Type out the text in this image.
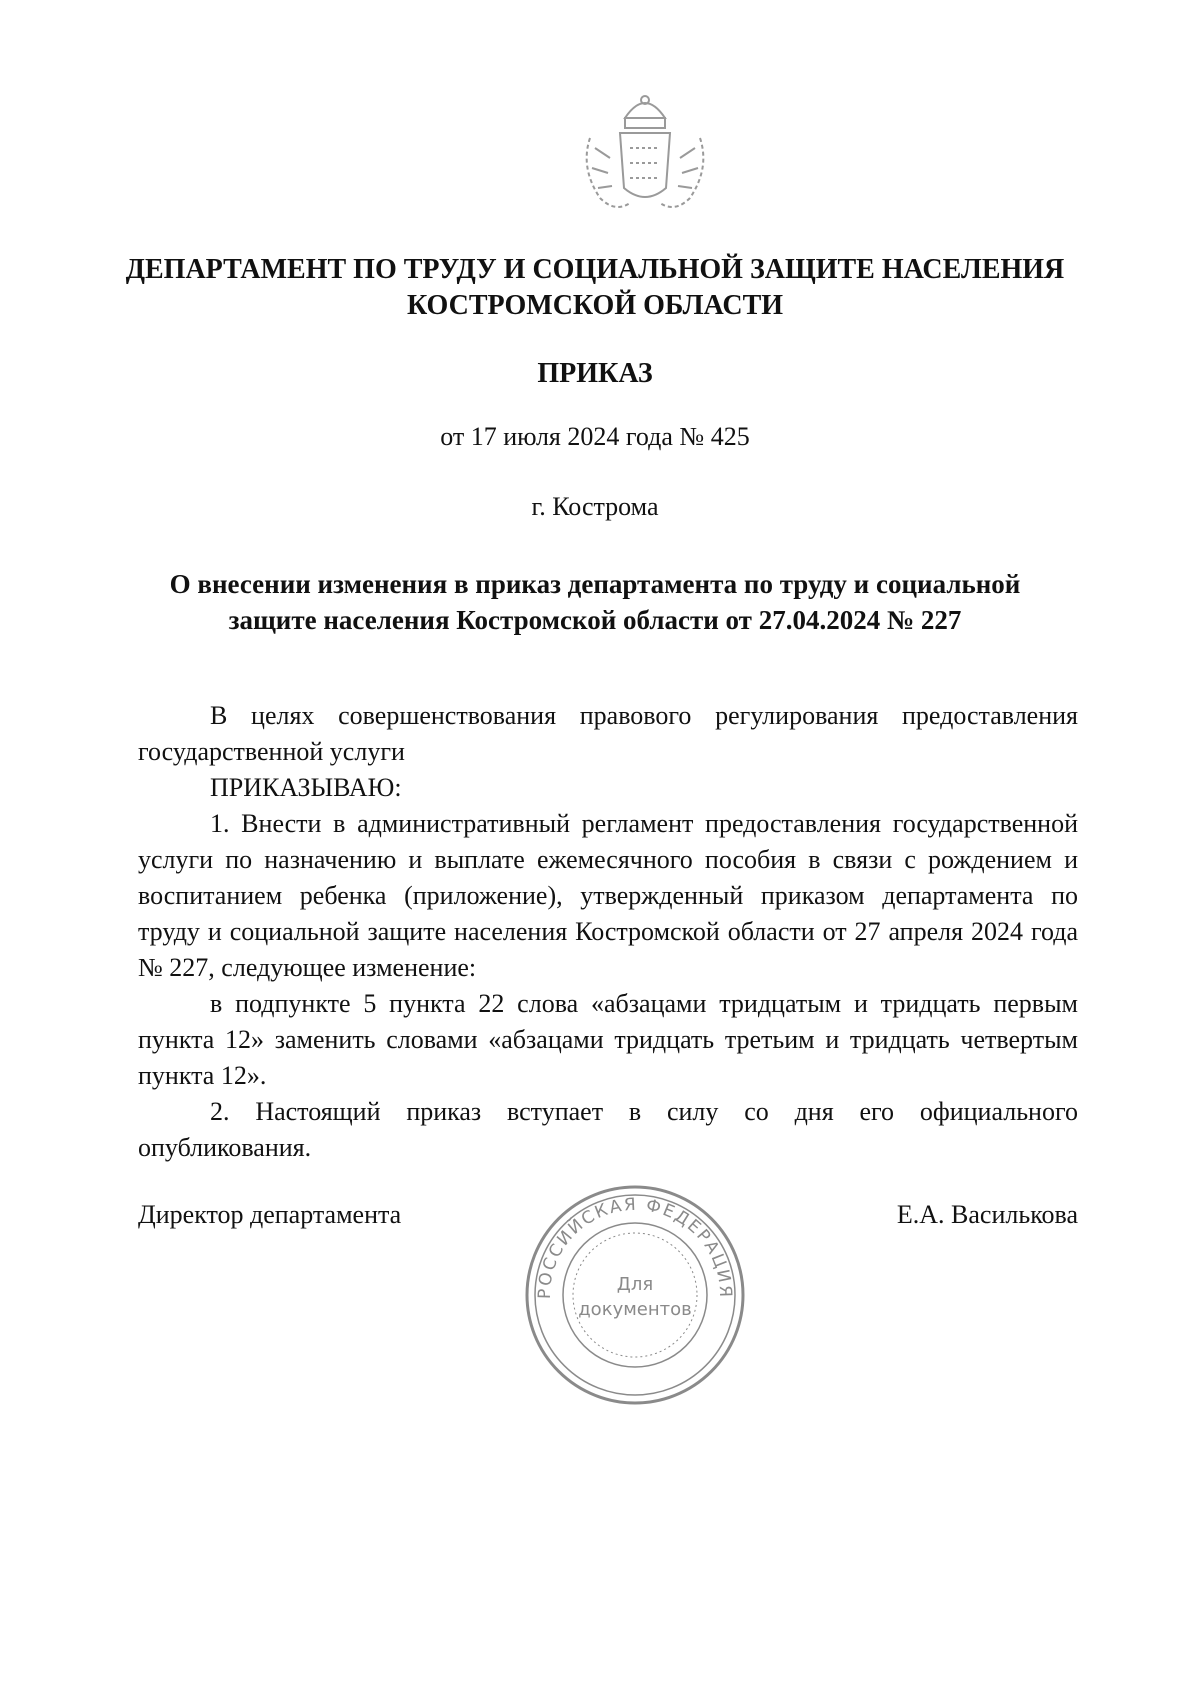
ДЕПАРТАМЕНТ ПО ТРУДУ И СОЦИАЛЬНОЙ ЗАЩИТЕ НАСЕЛЕНИЯ
КОСТРОМСКОЙ ОБЛАСТИ
ПРИКАЗ
от 17 июля 2024 года № 425
г. Кострома
О внесении изменения в приказ департамента по труду и социальной
защите населения Костромской области от 27.04.2024 № 227

В целях совершенствования правового регулирования предоставления государственной услуги

ПРИКАЗЫВАЮ:

1. Внести в административный регламент предоставления государственной услуги по назначению и выплате ежемесячного пособия в связи с рождением и воспитанием ребенка (приложение), утвержденный приказом департамента по труду и социальной защите населения Костромской области от 27 апреля 2024 года № 227, следующее изменение:

в подпункте 5 пункта 22 слова «абзацами тридцатым и тридцать первым пункта 12» заменить словами «абзацами тридцать третьим и тридцать четвертым пункта 12».

2. Настоящий приказ вступает в силу со дня его официального опубликования.

Директор департамента	Е.А. Василькова
РОССИЙСКАЯ ФЕДЕРАЦИЯ
Для
документов
